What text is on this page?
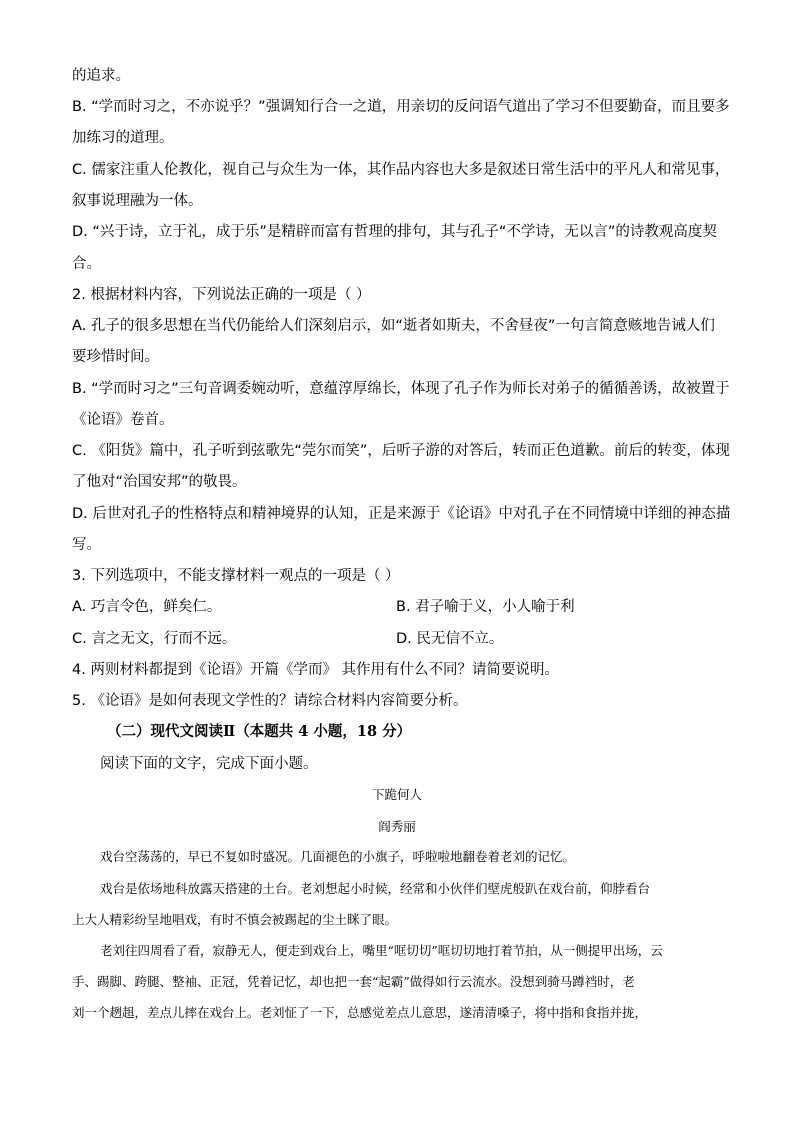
的追求。
B. “学而时习之，不亦说乎？”强调知行合一之道，用亲切的反问语气道出了学习不但要勤奋，而且要多
加练习的道理。
C. 儒家注重人伦教化，视自己与众生为一体，其作品内容也大多是叙述日常生活中的平凡人和常见事，
叙事说理融为一体。
D. “兴于诗，立于礼，成于乐”是精辟而富有哲理的排句，其与孔子“不学诗，无以言”的诗教观高度契
合。
2. 根据材料内容，下列说法正确的一项是（ ）
A. 孔子的很多思想在当代仍能给人们深刻启示，如“逝者如斯夫，不舍昼夜”一句言简意赅地告诫人们
要珍惜时间。
B. “学而时习之”三句音调委婉动听，意蕴淳厚绵长，体现了孔子作为师长对弟子的循循善诱，故被置于
《论语》卷首。
C. 《阳货》篇中，孔子听到弦歌先“莞尔而笑”，后听子游的对答后，转而正色道歉。前后的转变，体现
了他对“治国安邦”的敬畏。
D. 后世对孔子的性格特点和精神境界的认知，正是来源于《论语》中对孔子在不同情境中详细的神态描
写。
3. 下列选项中，不能支撑材料一观点的一项是（ ）
A. 巧言令色，鲜矣仁。	B. 君子喻于义，小人喻于利
C. 言之无文，行而不远。	D. 民无信不立。
4. 两则材料都提到《论语》开篇《学而》 其作用有什么不同？请简要说明。
5. 《论语》是如何表现文学性的？请综合材料内容简要分析。
（二）现代文阅读Ⅱ（本题共 4 小题，18 分）
阅读下面的文字，完成下面小题。
下跪何人
阎秀丽
戏台空荡荡的，早已不复如时盛况。几面褪色的小旗子，呼啦啦地翻卷着老刘的记忆。
戏台是依场地科放露天搭建的土台。老刘想起小时候，经常和小伙伴们壁虎般趴在戏台前，仰脖看台
上大人精彩纷呈地唱戏，有时不慎会被踢起的尘土眯了眼。
老刘往四周看了看，寂静无人，便走到戏台上，嘴里“哐切切”哐切切地打着节拍，从一侧提甲出场，云
手、踢脚、跨腿、整袖、正冠，凭着记忆，却也把一套“起霸”做得如行云流水。没想到骑马蹲裆时，老
刘一个趔趄，差点儿摔在戏台上。老刘怔了一下，总感觉差点儿意思，遂清清嗓子，将中指和食指并拢，
